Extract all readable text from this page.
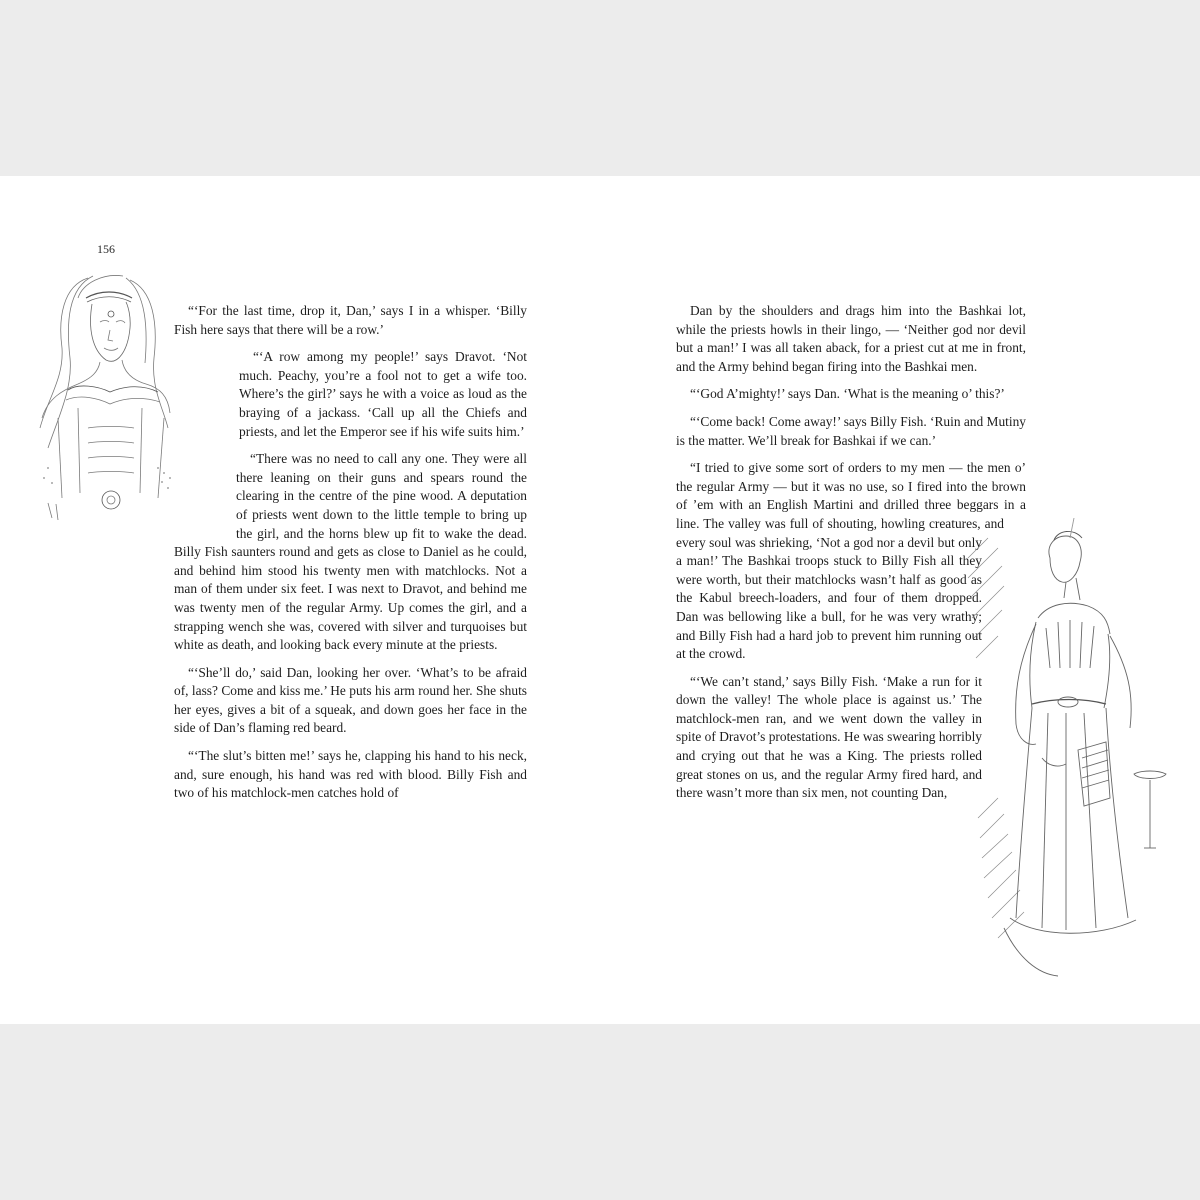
156

“‘For the last time, drop it, Dan,’ says I in a whisper. ‘Billy Fish here says that there will be a row.’

“‘A row among my people!’ says Dravot. ‘Not much. Peachy, you’re a fool not to get a wife too. Where’s the girl?’ says he with a voice as loud as the braying of a jackass. ‘Call up all the Chiefs and priests, and let the Emperor see if his wife suits him.’

“There was no need to call any one. They were all there leaning on their guns and spears round the clearing in the centre of the pine wood. A deputation of priests went down to the little temple to bring up the girl, and the horns blew up fit to wake the dead. Billy Fish saunters round and gets as close to Daniel as he could, and behind him stood his twenty men with matchlocks. Not a man of them under six feet. I was next to Dravot, and behind me was twenty men of the regular Army. Up comes the girl, and a strapping wench she was, covered with silver and turquoises but white as death, and looking back every minute at the priests.

“‘She’ll do,’ said Dan, looking her over. ‘What’s to be afraid of, lass? Come and kiss me.’ He puts his arm round her. She shuts her eyes, gives a bit of a squeak, and down goes her face in the side of Dan’s flaming red beard.

“‘The slut’s bitten me!’ says he, clapping his hand to his neck, and, sure enough, his hand was red with blood. Billy Fish and two of his matchlock-men catches hold of

Dan by the shoulders and drags him into the Bashkai lot, while the priests howls in their lingo, — ‘Neither god nor devil but a man!’ I was all taken aback, for a priest cut at me in front, and the Army behind began firing into the Bashkai men.

“‘God A’mighty!’ says Dan. ‘What is the meaning o’ this?’

“‘Come back! Come away!’ says Billy Fish. ‘Ruin and Mutiny is the matter. We’ll break for Bashkai if we can.’

“I tried to give some sort of orders to my men — the men o’ the regular Army — but it was no use, so I fired into the brown of ’em with an English Martini and drilled three beggars in a line. The valley was full of shouting, howling creatures, and every soul was shrieking, ‘Not a god nor a devil but only a man!’ The Bashkai troops stuck to Billy Fish all they were worth, but their matchlocks wasn’t half as good as the Kabul breech-loaders, and four of them dropped. Dan was bellowing like a bull, for he was very wrathy; and Billy Fish had a hard job to prevent him running out at the crowd.

“‘We can’t stand,’ says Billy Fish. ‘Make a run for it down the valley! The whole place is against us.’ The matchlock-men ran, and we went down the valley in spite of Dravot’s protestations. He was swearing horribly and crying out that he was a King. The priests rolled great stones on us, and the regular Army fired hard, and there wasn’t more than six men, not counting Dan,
